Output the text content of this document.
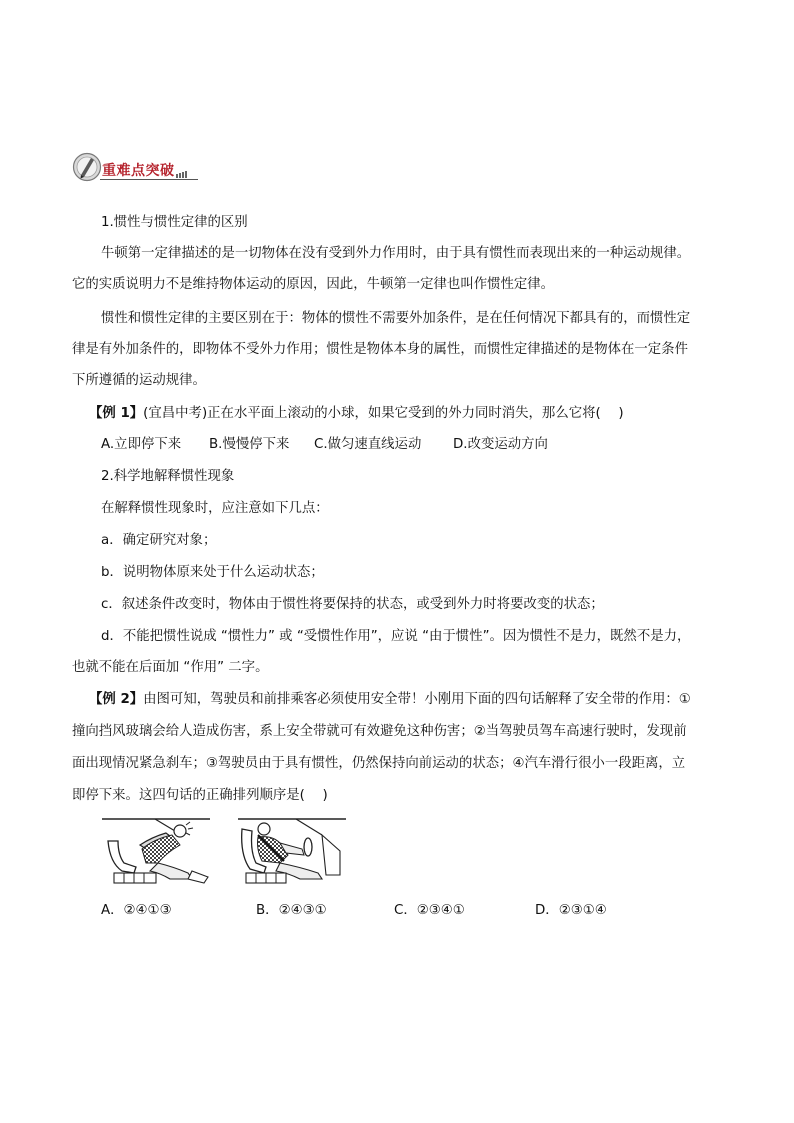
重难点突破
1.惯性与惯性定律的区别
牛顿第一定律描述的是一切物体在没有受到外力作用时，由于具有惯性而表现出来的一种运动规律。
它的实质说明力不是维持物体运动的原因，因此，牛顿第一定律也叫作惯性定律。
惯性和惯性定律的主要区别在于：物体的惯性不需要外加条件，是在任何情况下都具有的，而惯性定
律是有外加条件的，即物体不受外力作用；惯性是物体本身的属性，而惯性定律描述的是物体在一定条件
下所遵循的运动规律。
【例 1】(宜昌中考)正在水平面上滚动的小球，如果它受到的外力同时消失，那么它将(　 )
A.立即停下来 B.慢慢停下来 C.做匀速直线运动 D.改变运动方向
2.科学地解释惯性现象
在解释惯性现象时，应注意如下几点：
a．确定研究对象；
b．说明物体原来处于什么运动状态；
c．叙述条件改变时，物体由于惯性将要保持的状态，或受到外力时将要改变的状态；
d．不能把惯性说成 “惯性力” 或 “受惯性作用”，应说 “由于惯性”。因为惯性不是力，既然不是力，
也就不能在后面加 “作用” 二字。
【例 2】由图可知，驾驶员和前排乘客必须使用安全带！小刚用下面的四句话解释了安全带的作用：①
撞向挡风玻璃会给人造成伤害，系上安全带就可有效避免这种伤害；②当驾驶员驾车高速行驶时，发现前
面出现情况紧急刹车；③驾驶员由于具有惯性，仍然保持向前运动的状态；④汽车滑行很小一段距离，立
即停下来。这四句话的正确排列顺序是(　 )
A．②④①③	B．②④③①	C．②③④①	D．②③①④
